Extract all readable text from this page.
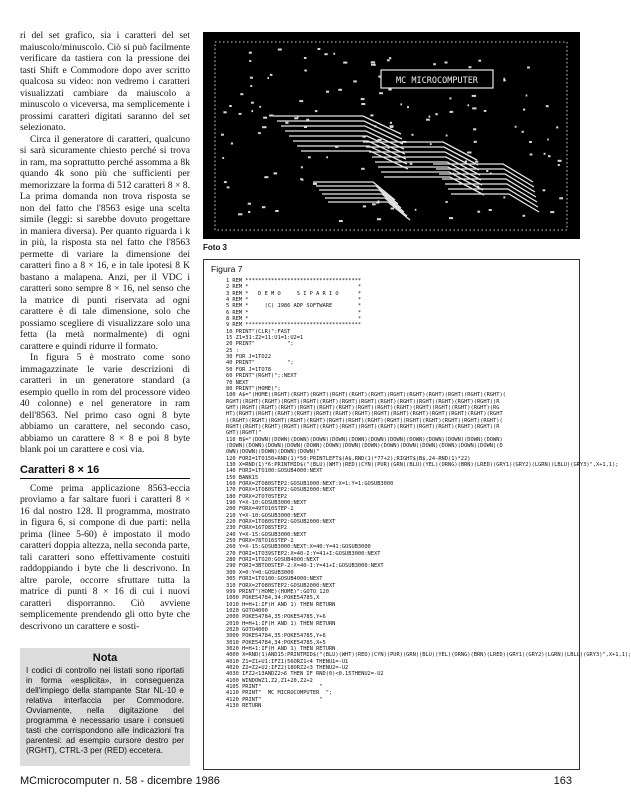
ri del set grafico, sia i caratteri del set maiuscolo/minuscolo. Ciò si può facilmente verificare da tastiera con la pressione dei tasti Shift e Commodore dopo aver scritto qualcosa su video: non vedremo i caratteri visualizzati cambiare da maiuscolo a minuscolo o viceversa, ma semplicemente i prossimi caratteri digitati saranno del set selezionato.

Circa il generatore di caratteri, qualcuno si sarà sicuramente chiesto perché si trova in ram, ma soprattutto perché assomma a 8k quando 4k sono più che sufficienti per memorizzare la forma di 512 caratteri 8 × 8. La prima domanda non trova risposta se non del fatto che l'8563 esige una scelta simile (leggi: si sarebbe dovuto progettare in maniera diversa). Per quanto riguarda i k in più, la risposta sta nel fatto che l'8563 permette di variare la dimensione dei caratteri fino a 8 × 16, e in tale ipotesi 8 K bastano a malapena. Anzi, per il VDC i caratteri sono sempre 8 × 16, nel senso che la matrice di punti riservata ad ogni carattere è di tale dimensione, solo che possiamo scegliere di visualizzare solo una fetta (la metà normalmente) di ogni carattere e quindi ridurre il formato.

In figura 5 è mostrato come sono immagazzinate le varie descrizioni di caratteri in un generatore standard (a esempio quello in rom del processore video 40 colonne) e nel generatore in ram dell'8563. Nel primo caso ogni 8 byte abbiamo un carattere, nel secondo caso, abbiamo un carattere 8 × 8 e poi 8 byte blank poi un carattere e così via.

Caratteri 8 × 16

Come prima applicazione 8563-eccia proviamo a far saltare fuori i caratteri 8 × 16 dal nostro 128. Il programma, mostrato in figura 6, si compone di due parti: nella prima (linee 5-60) è impostato il modo caratteri doppia altezza, nella seconda parte, tali caratteri sono effettivamente costuiti raddoppiando i byte che li descrivono. In altre parole, occorre sfruttare tutta la matrice di punti 8 × 16 di cui i nuovi caratteri disporranno. Ciò avviene semplicemente prendendo gli otto byte che descrivono un carattere e sosti-

Nota
I codici di controllo nei listati sono riportati in forma «esplicita», in conseguenza dell'impiego della stampante Star NL-10 e relativa interfaccia per Commodore. Ovviamente, nella digitazione del programma è necessario usare i consueti tasti che corrispondono alle indicazioni fra parentesi: ad esempio cursore destro per (RGHT), CTRL-3 per (RED) eccetera.
MC MICROCOMPUTER
Foto 3
Figura 7
1 REM ************************************
2 REM *                                  *
3 REM *   D E M O     S I P A R I O      *
4 REM *                                  *
5 REM *     (C) 1986 ADP SOFTWARE        *
6 REM *                                  *
8 REM *                                  *
9 REM ************************************
10 PRINT"(CLR)":FAST
15 Z1=31:Z2=11:U1=1:U2=1
20 PRINT"          ";
25 :
30 FOR J=1TO22
40 PRINT"          ";
50 FOR J=1TO78
60 PRINT"(RGHT)";:NEXT
70 NEXT
80 PRINT"(HOME)";
100 A$="(HOME)(RGHT)(RGHT)(RGHT)(RGHT)(RGHT)(RGHT)(RGHT)(RGHT)(RGHT)(RGHT)(RGHT)(RGHT)(
RGHT)(RGHT)(RGHT)(RGHT)(RGHT)(RGHT)(RGHT)(RGHT)(RGHT)(RGHT)(RGHT)(RGHT)(RGHT)(RGHT)(R
GHT)(RGHT)(RGHT)(RGHT)(RGHT)(RGHT)(RGHT)(RGHT)(RGHT)(RGHT)(RGHT)(RGHT)(RGHT)(RGHT)(RG
HT)(RGHT)(RGHT)(RGHT)(RGHT)(RGHT)(RGHT)(RGHT)(RGHT)(RGHT)(RGHT)(RGHT)(RGHT)(RGHT)(RGHT
)(RGHT)(RGHT)(RGHT)(RGHT)(RGHT)(RGHT)(RGHT)(RGHT)(RGHT)(RGHT)(RGHT)(RGHT)(RGHT)(RGHT)(
RGHT)(RGHT)(RGHT)(RGHT)(RGHT)(RGHT)(RGHT)(RGHT)(RGHT)(RGHT)(RGHT)(RGHT)(RGHT)(RGHT)(R
GHT)(RGHT)"
110 B$="(DOWN)(DOWN)(DOWN)(DOWN)(DOWN)(DOWN)(DOWN)(DOWN)(DOWN)(DOWN)(DOWN)(DOWN)(DOWN)
(DOWN)(DOWN)(DOWN)(DOWN)(DOWN)(DOWN)(DOWN)(DOWN)(DOWN)(DOWN)(DOWN)(DOWN)(DOWN)(DOWN)(D
OWN)(DOWN)(DOWN)(DOWN)(DOWN)"
120 FORI=1TO150+RND(1)*50:PRINTLEFT$(A$,RND(1)*77+2);RIGHT$(B$,24-RND(1)*22)
130 X=RND(1)*6:PRINTMID$("(BLU)(WHT)(RED)(CYN)(PUR)(GRN)(BLU)(YEL)(ORNG)(BRN)(LRED)(GRY1)(GRY2)(LGRN)(LBLU)(GRY3)",X+1,1);
140 FORI=1TO100:GOSUB4000:NEXT
150 BANK15
160 FORX=2TO80STEP2:GOSUB1000:NEXT:X=1:Y=1:GOSUB3000
170 FORX=1TO80STEP2:GOSUB2000:NEXT
180 FORX=2TO70STEP2
190 Y=X-10:GOSUB3000:NEXT
200 FORX=49TO10STEP-2
210 Y=X-10:GOSUB3000:NEXT
220 FORX=1TO80STEP2:GOSUB2000:NEXT
230 FORX=16TO8STEP2
240 Y=X-15:GOSUB3000:NEXT
250 FORX=78TO16STEP-2
260 Y=X-15:GOSUB3000:NEXT:X=40:Y=41:GOSUB3000
270 FORI=1TO39STEP2:X=40-I:Y=41+I:GOSUB3000:NEXT
280 FORI=1TO20:GOSUB4000:NEXT
290 FORI=3BTO0STEP-2:X=40-I:Y=41+I:GOSUB3000:NEXT
300 X=0:Y=0:GOSUB3000
305 FORI=1TO100:GOSUB4000:NEXT
310 FORX=2TO80STEP2:GOSUB2000:NEXT
999 PRINT"(HOME)(HOME)":GOTO 120
1000 POKE54784,34:POKE54785,X
1010 H=H+1:IF(H AND 1) THEN RETURN
1020 GOTO4000
2000 POKE54784,35:POKE54785,Y+6
2010 H=H+1:IF(H AND 1) THEN RETURN
2020 GOTO4000
3000 POKE54784,35:POKE54785,Y+6
3010 POKE54784,34:POKE54785,X+5
3020 H=H+1:IF(H AND 1) THEN RETURN
4000 X=RND(1)AND15:PRINTMID$("(BLU)(WHT)(RED)(CYN)(PUR)(GRN)(BLU)(YEL)(ORNG)(BRN)(LRED)(GRY1)(GRY2)(LGRN)(LBLU)(GRY3)",X+1,1);
4010 Z1=Z1+U1:IFZ1)56ORZ1<4 THENU1=-U1
4020 Z2=Z2+U2:IFZ2)18ORZ2<3 THENU2=-U2
4030 IFZ2<13ANDZ2>6 THEN IF RND(0)<0.15THENU2=-U2
4100 WINDOWZ1,Z2,Z1+20,Z2+2
4105 PRINT"                  "
4110 PRINT"  MC MICROCOMPUTER  ";
4120 PRINT"                  "
4130 RETURN
MCmicrocomputer n. 58 - dicembre 1986	163
